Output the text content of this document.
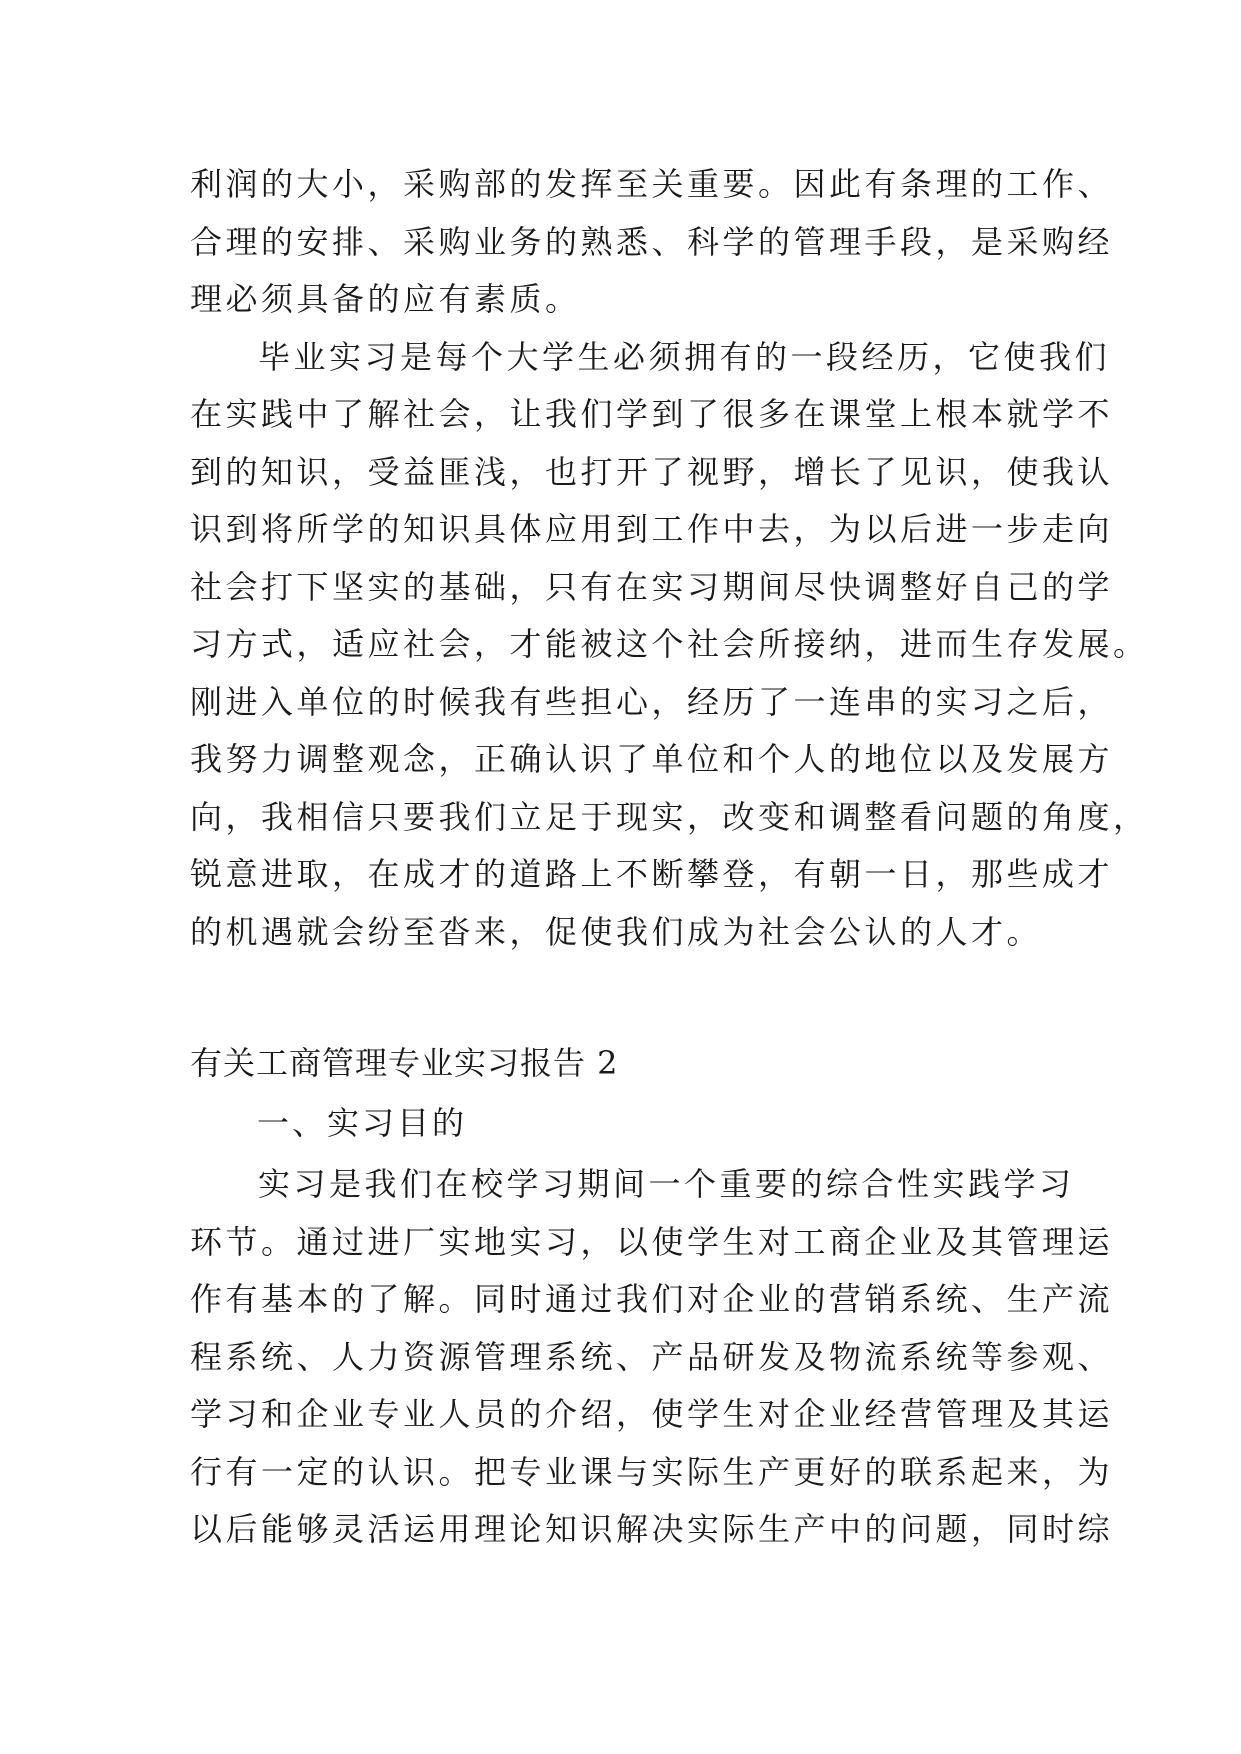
利润的大小，采购部的发挥至关重要。因此有条理的工作、
合理的安排、采购业务的熟悉、科学的管理手段，是采购经
理必须具备的应有素质。
毕业实习是每个大学生必须拥有的一段经历，它使我们
在实践中了解社会，让我们学到了很多在课堂上根本就学不
到的知识，受益匪浅，也打开了视野，增长了见识，使我认
识到将所学的知识具体应用到工作中去，为以后进一步走向
社会打下坚实的基础，只有在实习期间尽快调整好自己的学
习方式，适应社会，才能被这个社会所接纳，进而生存发展。
刚进入单位的时候我有些担心，经历了一连串的实习之后，
我努力调整观念，正确认识了单位和个人的地位以及发展方
向，我相信只要我们立足于现实，改变和调整看问题的角度，
锐意进取，在成才的道路上不断攀登，有朝一日，那些成才
的机遇就会纷至沓来，促使我们成为社会公认的人才。
有关工商管理专业实习报告 2
一、实习目的
实习是我们在校学习期间一个重要的综合性实践学习
环节。通过进厂实地实习，以使学生对工商企业及其管理运
作有基本的了解。同时通过我们对企业的营销系统、生产流
程系统、人力资源管理系统、产品研发及物流系统等参观、
学习和企业专业人员的介绍，使学生对企业经营管理及其运
行有一定的认识。把专业课与实际生产更好的联系起来，为
以后能够灵活运用理论知识解决实际生产中的问题，同时综
